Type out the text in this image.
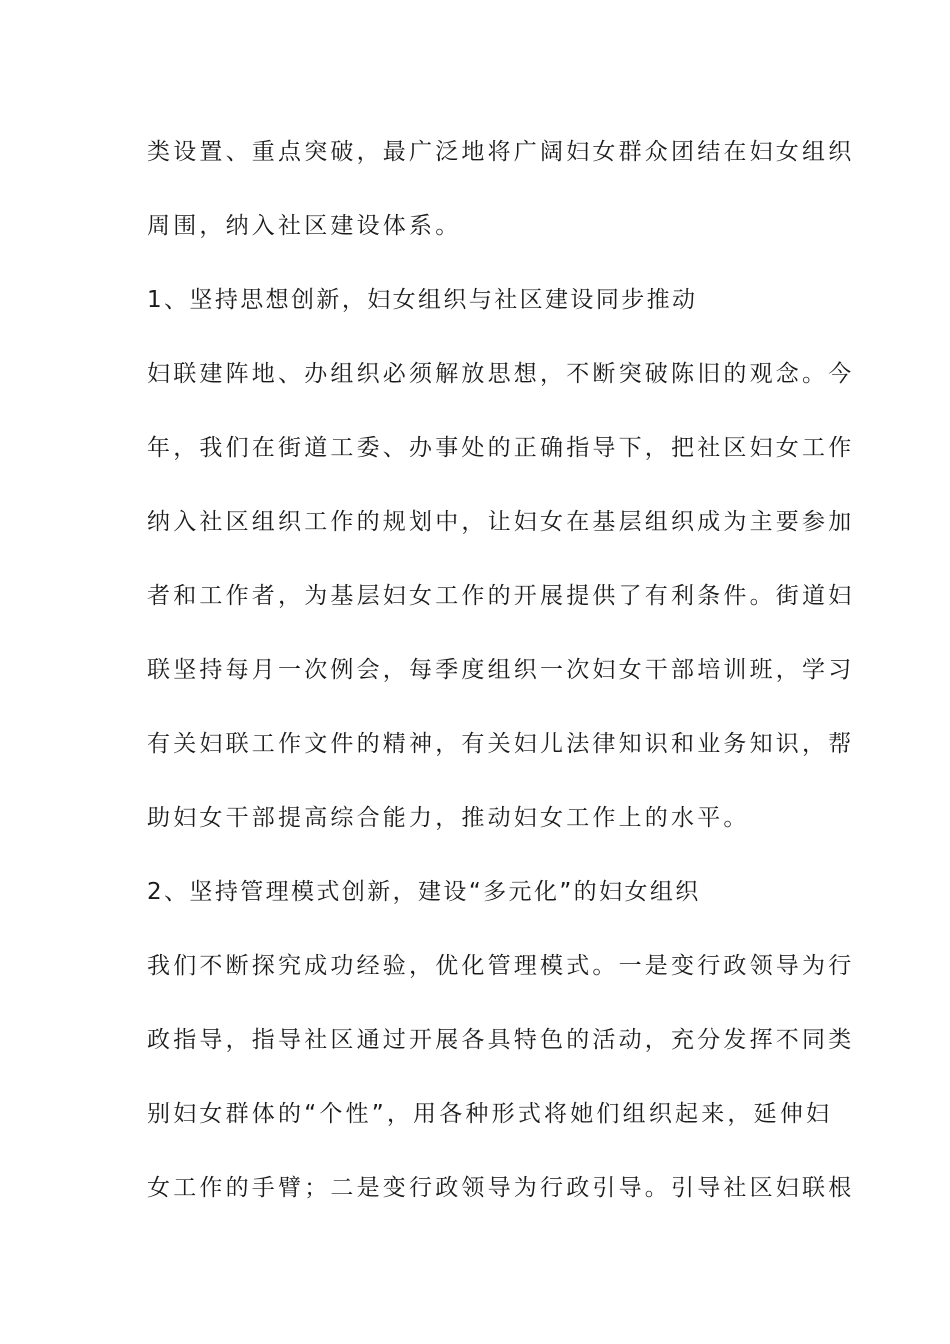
类设置、重点突破，最广泛地将广阔妇女群众团结在妇女组织
周围，纳入社区建设体系。
1、坚持思想创新，妇女组织与社区建设同步推动
妇联建阵地、办组织必须解放思想，不断突破陈旧的观念。今
年，我们在街道工委、办事处的正确指导下，把社区妇女工作
纳入社区组织工作的规划中，让妇女在基层组织成为主要参加
者和工作者，为基层妇女工作的开展提供了有利条件。街道妇
联坚持每月一次例会，每季度组织一次妇女干部培训班，学习
有关妇联工作文件的精神，有关妇儿法律知识和业务知识，帮
助妇女干部提高综合能力，推动妇女工作上的水平。
2、坚持管理模式创新，建设“多元化”的妇女组织
我们不断探究成功经验，优化管理模式。一是变行政领导为行
政指导，指导社区通过开展各具特色的活动，充分发挥不同类
别妇女群体的“个性”，用各种形式将她们组织起来，延伸妇
女工作的手臂；二是变行政领导为行政引导。引导社区妇联根
